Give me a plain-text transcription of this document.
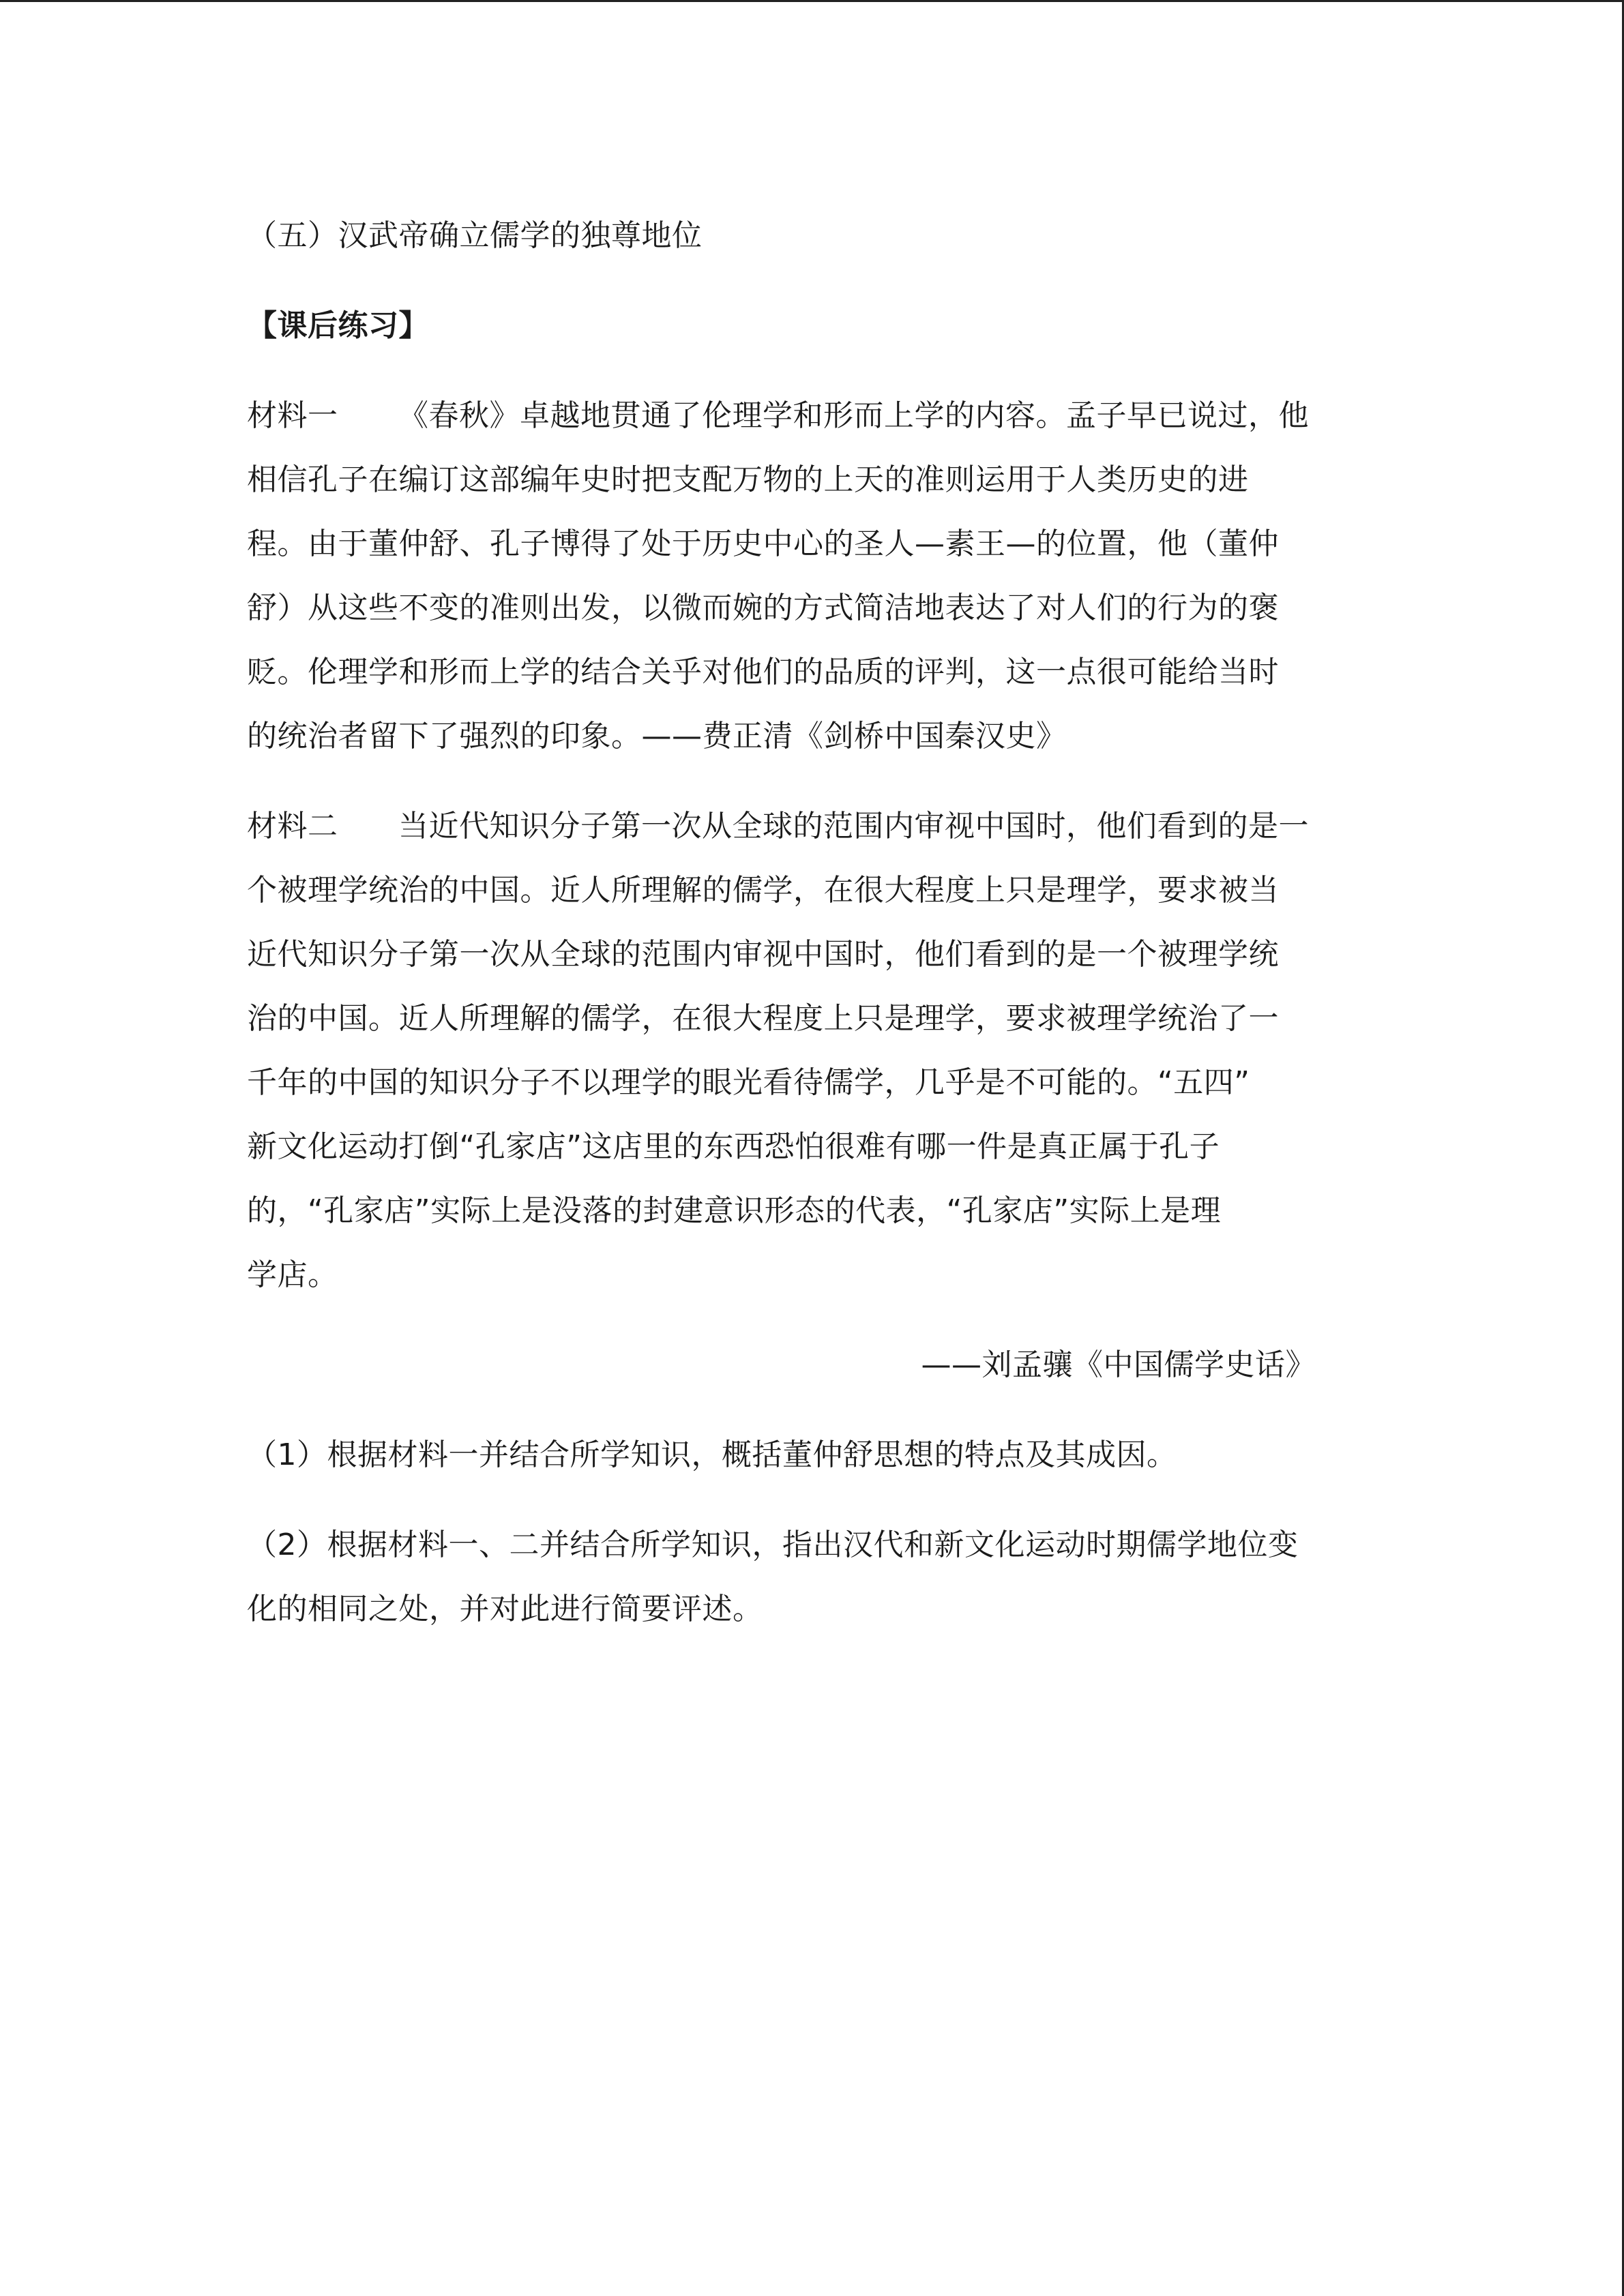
（五）汉武帝确立儒学的独尊地位
【课后练习】
材料一 《春秋》卓越地贯通了伦理学和形而上学的内容。孟子早已说过，他
相信孔子在编订这部编年史时把支配万物的上天的准则运用于人类历史的进
程。由于董仲舒、孔子博得了处于历史中心的圣人—素王—的位置，他（董仲
舒）从这些不变的准则出发，以微而婉的方式简洁地表达了对人们的行为的褒
贬。伦理学和形而上学的结合关乎对他们的品质的评判，这一点很可能给当时
的统治者留下了强烈的印象。——费正清《剑桥中国秦汉史》
材料二 当近代知识分子第一次从全球的范围内审视中国时，他们看到的是一
个被理学统治的中国。近人所理解的儒学，在很大程度上只是理学，要求被当
近代知识分子第一次从全球的范围内审视中国时，他们看到的是一个被理学统
治的中国。近人所理解的儒学，在很大程度上只是理学，要求被理学统治了一
千年的中国的知识分子不以理学的眼光看待儒学，几乎是不可能的。“五四”
新文化运动打倒“孔家店”这店里的东西恐怕很难有哪一件是真正属于孔子
的，“孔家店”实际上是没落的封建意识形态的代表，“孔家店”实际上是理
学店。
——刘孟骧《中国儒学史话》
（1）根据材料一并结合所学知识，概括董仲舒思想的特点及其成因。
（2）根据材料一、二并结合所学知识，指出汉代和新文化运动时期儒学地位变
化的相同之处，并对此进行简要评述。
